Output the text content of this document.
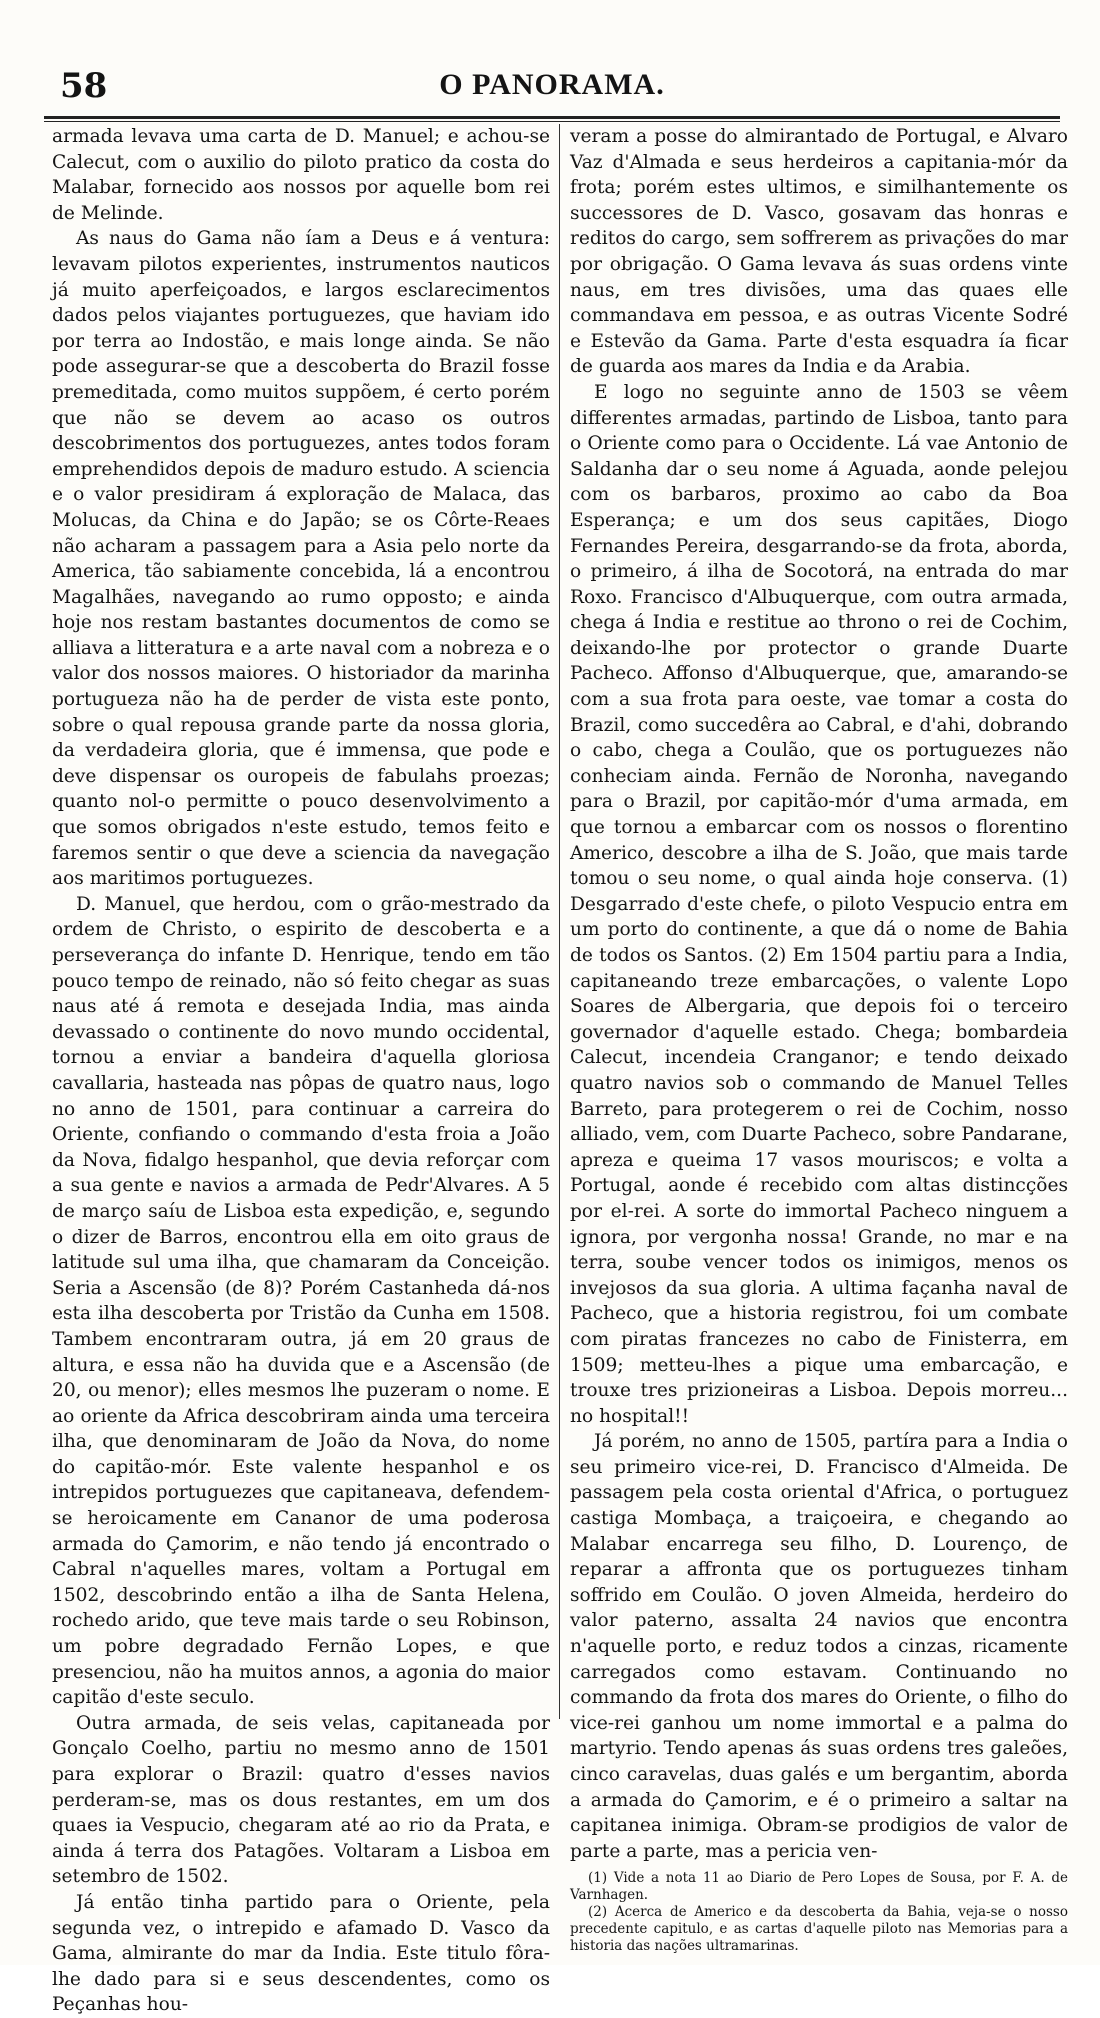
58	O PANORAMA.

armada levava uma carta de D. Manuel; e achou-se Calecut, com o auxilio do piloto pratico da costa do Malabar, fornecido aos nossos por aquelle bom rei de Melinde.

As naus do Gama não íam a Deus e á ventura: levavam pilotos experientes, instrumentos nauticos já muito aperfeiçoados, e largos esclarecimentos dados pelos viajantes portuguezes, que haviam ido por terra ao Indostão, e mais longe ainda. Se não pode assegurar-se que a descoberta do Brazil fosse premeditada, como muitos suppõem, é certo porém que não se devem ao acaso os outros descobrimentos dos portuguezes, antes todos foram emprehendidos depois de maduro estudo. A sciencia e o valor presidiram á exploração de Malaca, das Molucas, da China e do Japão; se os Côrte-Reaes não acharam a passagem para a Asia pelo norte da America, tão sabiamente concebida, lá a encontrou Magalhães, navegando ao rumo opposto; e ainda hoje nos restam bastantes documentos de como se alliava a litteratura e a arte naval com a nobreza e o valor dos nossos maiores. O historiador da marinha portugueza não ha de perder de vista este ponto, sobre o qual repousa grande parte da nossa gloria, da verdadeira gloria, que é immensa, que pode e deve dispensar os ouropeis de fabulahs proezas; quanto nol-o permitte o pouco desenvolvimento a que somos obrigados n'este estudo, temos feito e faremos sentir o que deve a sciencia da navegação aos maritimos portuguezes.

D. Manuel, que herdou, com o grão-mestrado da ordem de Christo, o espirito de descoberta e a perseverança do infante D. Henrique, tendo em tão pouco tempo de reinado, não só feito chegar as suas naus até á remota e desejada India, mas ainda devassado o continente do novo mundo occidental, tornou a enviar a bandeira d'aquella gloriosa cavallaria, hasteada nas pôpas de quatro naus, logo no anno de 1501, para continuar a carreira do Oriente, confiando o commando d'esta froia a João da Nova, fidalgo hespanhol, que devia reforçar com a sua gente e navios a armada de Pedr'Alvares. A 5 de março saíu de Lisboa esta expedição, e, segundo o dizer de Barros, encontrou ella em oito graus de latitude sul uma ilha, que chamaram da Conceição. Seria a Ascensão (de 8)? Porém Castanheda dá-nos esta ilha descoberta por Tristão da Cunha em 1508. Tambem encontraram outra, já em 20 graus de altura, e essa não ha duvida que e a Ascensão (de 20, ou menor); elles mesmos lhe puzeram o nome. E ao oriente da Africa descobriram ainda uma terceira ilha, que denominaram de João da Nova, do nome do capitão-mór. Este valente hespanhol e os intrepidos portuguezes que capitaneava, defendem-se heroicamente em Cananor de uma poderosa armada do Çamorim, e não tendo já encontrado o Cabral n'aquelles mares, voltam a Portugal em 1502, descobrindo então a ilha de Santa Helena, rochedo arido, que teve mais tarde o seu Robinson, um pobre degradado Fernão Lopes, e que presenciou, não ha muitos annos, a agonia do maior capitão d'este seculo.

Outra armada, de seis velas, capitaneada por Gonçalo Coelho, partiu no mesmo anno de 1501 para explorar o Brazil: quatro d'esses navios perderam-se, mas os dous restantes, em um dos quaes ia Vespucio, chegaram até ao rio da Prata, e ainda á terra dos Patagões. Voltaram a Lisboa em setembro de 1502.

Já então tinha partido para o Oriente, pela segunda vez, o intrepido e afamado D. Vasco da Gama, almirante do mar da India. Este titulo fôra-lhe dado para si e seus descendentes, como os Peçanhas hou-

veram a posse do almirantado de Portugal, e Alvaro Vaz d'Almada e seus herdeiros a capitania-mór da frota; porém estes ultimos, e similhantemente os successores de D. Vasco, gosavam das honras e reditos do cargo, sem soffrerem as privações do mar por obrigação. O Gama levava ás suas ordens vinte naus, em tres divisões, uma das quaes elle commandava em pessoa, e as outras Vicente Sodré e Estevão da Gama. Parte d'esta esquadra ía ficar de guarda aos mares da India e da Arabia.

E logo no seguinte anno de 1503 se vêem differentes armadas, partindo de Lisboa, tanto para o Oriente como para o Occidente. Lá vae Antonio de Saldanha dar o seu nome á Aguada, aonde pelejou com os barbaros, proximo ao cabo da Boa Esperança; e um dos seus capitães, Diogo Fernandes Pereira, desgarrando-se da frota, aborda, o primeiro, á ilha de Socotorá, na entrada do mar Roxo. Francisco d'Albuquerque, com outra armada, chega á India e restitue ao throno o rei de Cochim, deixando-lhe por protector o grande Duarte Pacheco. Affonso d'Albuquerque, que, amarando-se com a sua frota para oeste, vae tomar a costa do Brazil, como succedêra ao Cabral, e d'ahi, dobrando o cabo, chega a Coulão, que os portuguezes não conheciam ainda. Fernão de Noronha, navegando para o Brazil, por capitão-mór d'uma armada, em que tornou a embarcar com os nossos o florentino Americo, descobre a ilha de S. João, que mais tarde tomou o seu nome, o qual ainda hoje conserva. (1) Desgarrado d'este chefe, o piloto Vespucio entra em um porto do continente, a que dá o nome de Bahia de todos os Santos. (2) Em 1504 partiu para a India, capitaneando treze embarcações, o valente Lopo Soares de Albergaria, que depois foi o terceiro governador d'aquelle estado. Chega; bombardeia Calecut, incendeia Cranganor; e tendo deixado quatro navios sob o commando de Manuel Telles Barreto, para protegerem o rei de Cochim, nosso alliado, vem, com Duarte Pacheco, sobre Pandarane, apreza e queima 17 vasos mouriscos; e volta a Portugal, aonde é recebido com altas distincções por el-rei. A sorte do immortal Pacheco ninguem a ignora, por vergonha nossa! Grande, no mar e na terra, soube vencer todos os inimigos, menos os invejosos da sua gloria. A ultima façanha naval de Pacheco, que a historia registrou, foi um combate com piratas francezes no cabo de Finisterra, em 1509; metteu-lhes a pique uma embarcação, e trouxe tres prizioneiras a Lisboa. Depois morreu... no hospital!!

Já porém, no anno de 1505, partíra para a India o seu primeiro vice-rei, D. Francisco d'Almeida. De passagem pela costa oriental d'Africa, o portuguez castiga Mombaça, a traiçoeira, e chegando ao Malabar encarrega seu filho, D. Lourenço, de reparar a affronta que os portuguezes tinham soffrido em Coulão. O joven Almeida, herdeiro do valor paterno, assalta 24 navios que encontra n'aquelle porto, e reduz todos a cinzas, ricamente carregados como estavam. Continuando no commando da frota dos mares do Oriente, o filho do vice-rei ganhou um nome immortal e a palma do martyrio. Tendo apenas ás suas ordens tres galeões, cinco caravelas, duas galés e um bergantim, aborda a armada do Çamorim, e é o primeiro a saltar na capitanea inimiga. Obram-se prodigios de valor de parte a parte, mas a pericia ven-

(1) Vide a nota 11 ao Diario de Pero Lopes de Sousa, por F. A. de Varnhagen.

(2) Acerca de Americo e da descoberta da Bahia, veja-se o nosso precedente capitulo, e as cartas d'aquelle piloto nas Memorias para a historia das nações ultramarinas.
